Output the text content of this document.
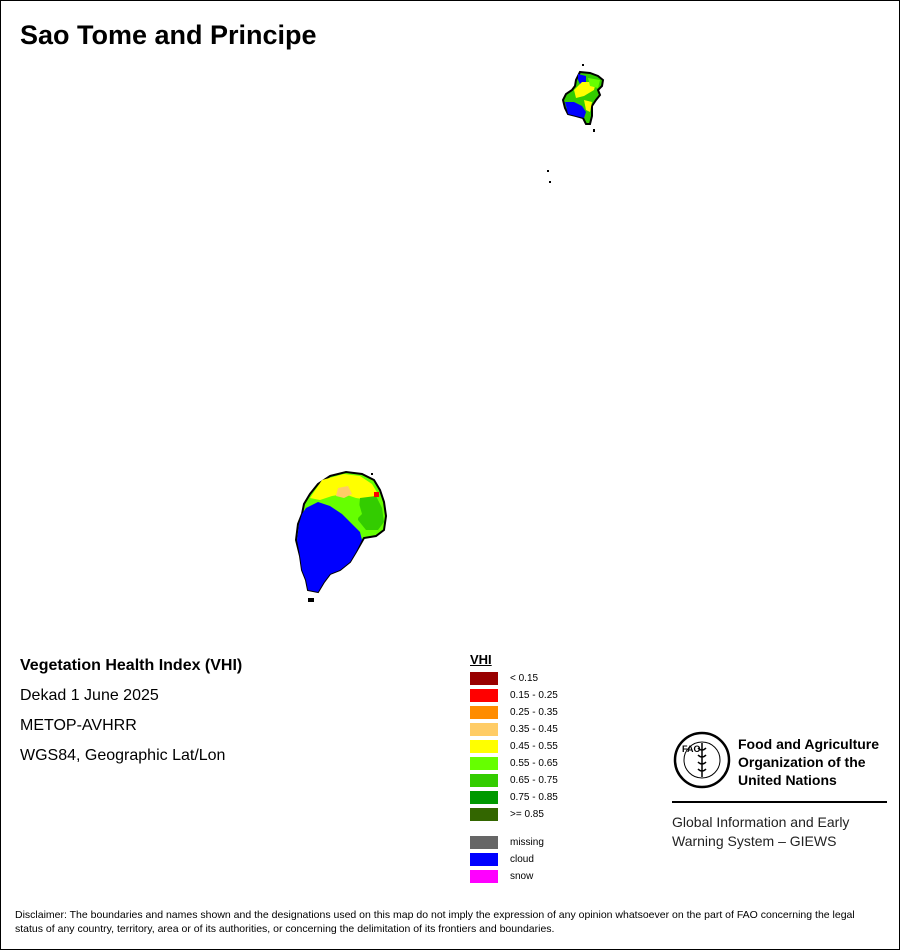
Sao Tome and Principe
Vegetation Health Index (VHI)
Dekad 1 June 2025
METOP-AVHRR
WGS84, Geographic Lat/Lon
VHI
< 0.15
0.15 - 0.25
0.25 - 0.35
0.35 - 0.45
0.45 - 0.55
0.55 - 0.65
0.65 - 0.75
0.75 - 0.85
>= 0.85
missing
cloud
snow
FAO	Food and Agriculture
Organization of the
United Nations
Global Information and Early
Warning System – GIEWS
Disclaimer: The boundaries and names shown and the designations used on this map do not imply the expression of any opinion whatsoever on the part of FAO concerning the legal status of any country, territory, area or of its authorities, or concerning the delimitation of its frontiers and boundaries.
